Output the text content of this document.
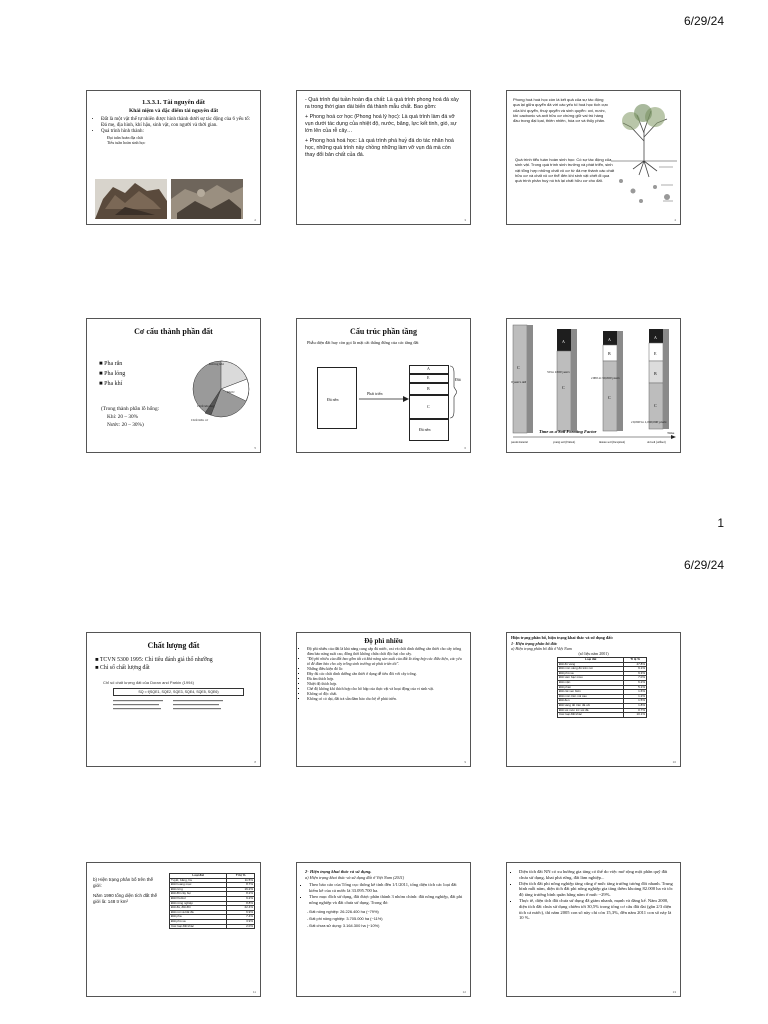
6/29/24
1
6/29/24
1.3.3.1. Tài nguyên đất
Khái niệm và đặc điểm tài nguyên đất
• Đất là một vật thể tự nhiên được hình thành dưới sự tác động của 6 yếu tố: Đá mẹ, địa hình, khí hậu, sinh vật, con người và thời gian.
• Quá trình hình thành:
Đại tuần hoàn địa chất
Tiểu tuần hoàn sinh học
2
- Quá trình đại tuần hoàn địa chất: Là quá trình phong hoá đá xảy ra trong thời gian dài biến đá thành mẫu chất. Bao gồm:
+ Phong hoá cơ học (Phong hoá lý học): Là quá trình làm đá vỡ vụn dưới tác dụng của nhiệt độ, nước, băng, lực kết tinh, gió, sự lớn lên của rễ cây…
+ Phong hoá hoá học: Là quá trình phá huỷ đá do tác nhân hoá học, những quá trình này chồng những làm vỡ vụn đá mà còn thay đổi bản chất của đá.
3
Phong hoá hoá học còn là kết quả của sự tác động qua lại giữa quyển đá với các yếu tố hoá học tích cực của khí quyển, thuỷ quyển và sinh quyển: oxi, nước, khí cacbonic và axit hữu cơ chứng giữ vai trò hàng đầu trong đại lọai, thiên nhiên, hóa cơ và thủy phân.
• Quá trình tiểu tuần hoàn sinh học: Có sự tác động của sinh vật. Trong quá trình sinh trưởng và phát triển, sinh vật tổng hợp những chất vô cơ từ đá mẹ thành các chất hữu cơ và chất vô cơ thể đến khi sinh vật chết đi qua quá trình phân huỷ nó trả lại chất hữu cơ cho đất.
4
Cơ cấu thành phần đất
■ Pha rắn
■ Pha lỏng
■ Pha khí
(Trong thành phần lỗ hổng:
Khí: 20 – 30%
Nước: 20 – 30%)
Không khí
Nước
Chất khoáng
Chất hữu cơ
5
Cấu trúc phần tầng
Phẫu diện đất huy còn gọi là mặt cắt thẳng đứng của các tầng đất
Đá nền
Phát triển
A
E
B
C
Đá nền
Đất
6
C
A
C
A
B
C
A
E
B
C
0 years old
50 to 1000 years
1000 to 50,000 years
10,000 to 1,000,000 years
Time as a Soil Forming Factor	Time
parent material	young soil (Entisol)	mature soil (Inceptisol)	old soil (Alfisol)
Chất lượng đất
■ TCVN 5300 1995: Chỉ tiêu đánh giá thổ nhưỡng
■ Chỉ số chất lượng đất
Chỉ số chất lượng đất của Doran and Parkin (1994)
SQ = f(SQE1, SQE2, SQE3, SQE4, SQE5, SQE6)
8
Độ phì nhiêu
▪ Độ phì nhiêu của đất là khả năng cung cấp đủ nước, oxi và chất dinh dưỡng cần thiết cho cây trồng đảm bảo năng suất cao, đồng thời không chứa chất độc hại cho cây.
▪ "Độ phì nhiêu của đất bao gồm tất cả khả năng sản xuất của đất là tổng hợp các điều kiện, các yếu tố để đảm bảo cho cây trồng sinh trưởng và phát triển tốt".
▪ Những điều kiện đó là:
▪ Đầy đủ các chất dinh dưỡng cần thiết ở dạng dễ tiêu đối với cây trồng.
▪ Đủ ẩm thích hợp.
▪ Nhiệt độ thích hợp.
▪ Chế độ không khí thích hợp cho hô hấp của thực vật và hoạt động của vi sinh vật.
▪ Không có độc chất.
▪ Không có cỏ dại, đất trả sẵn đảm bảo cho hệ rễ phát triển.
9
Hiện trạng phân bố, hiện trạng khai thác và sử dụng đất:
1- Hiện trạng phân bố đất:
a) Hiện trạng phân bố đất ở Việt Nam
(số liệu năm 2001)
Loại đất	Tỉ lệ %
Đất đỏ vàng	47.8%
Đất mùn vàng đỏ trên núi	9.1%
Đất phù sa	9.3%
Đất xám bạc màu	7.0%
Đất mặn	6.2%
Đất phèn	5.1%
Đất cát ven biển	1.6%
Đất mùn trên núi cao	1.2%
Đất đen	1.5%
Đất vàng đỏ trên đá vôi	1.8%
Đất xói mòn trơ sỏi đá	0.7%
Các loại đất khác	10.1%
10
b) Hiện trạng phân bố trên thế giới:
Năm 1990 tổng diện tích đất thế giới là: 148 tr km²
Loại đất	Tỉ lệ %
Tuyết, băng, hà	11.5%
Đất hoang mạc	8.7%
Đất rừng	16.2%
Đất đồi cây bụi	8.2%
Đất Podzol	9.2%
Đất nông nghiệp	8.8%
Đất đá, đất đồi	22.4%
Đất núi và bãi đá	6.9%
Đất pha	7.4%
Đất phù sa	3.9%
Các loại đất khác	2.0%
11
2- Hiện trạng khai thác và sử dụng.
a) Hiện trạng khai thác và sử dụng đất ở Việt Nam (2011)
▪ Theo báo cáo của Tổng cục thống kê tính đến 1/1/2011, tổng diện tích các loại đất kiểm kê của cả nước là 33.095.700 ha.
▪ Theo mục đích sử dụng, đất được phân thành 3 nhóm chính: đất nông nghiệp, đất phi nông nghiệp và đất chưa sử dụng. Trong đó:
- Đất nông nghiệp: 26.226.400 ha (~79%)
- Đất phi nông nghiệp: 3.705.000 ha (~11%)
- Đất chưa sử dụng: 3.164.300 ha (~10%)
12
▪ Diện tích đất NN có xu hướng gia tăng có thể do việc mở rộng một phần quỹ đất chưa sử dụng, khai phá rừng, đất làm nghiệp...
▪ Diện tích đất phi nông nghiệp tăng cũng ở mức tăng trưởng tương đối nhanh. Trung bình mỗi năm, diện tích đất phi nông nghiệp gia tăng thêm khoảng 82.000 ha và tốc độ tăng trưởng bình quân hằng năm ở mức ~29%.
▪ Thực tế, diện tích đất chưa sử dụng đã giảm nhanh, mạnh và đáng kể. Năm 2000, diện tích đất chưa sử dụng chiếm tới 30,5% trong tổng cơ cấu đất đai (gần 2/3 diện tích cả nước), thì năm 2005 con số này chỉ còn 15,3%, đến năm 2011 con số này là 10 %.
13
